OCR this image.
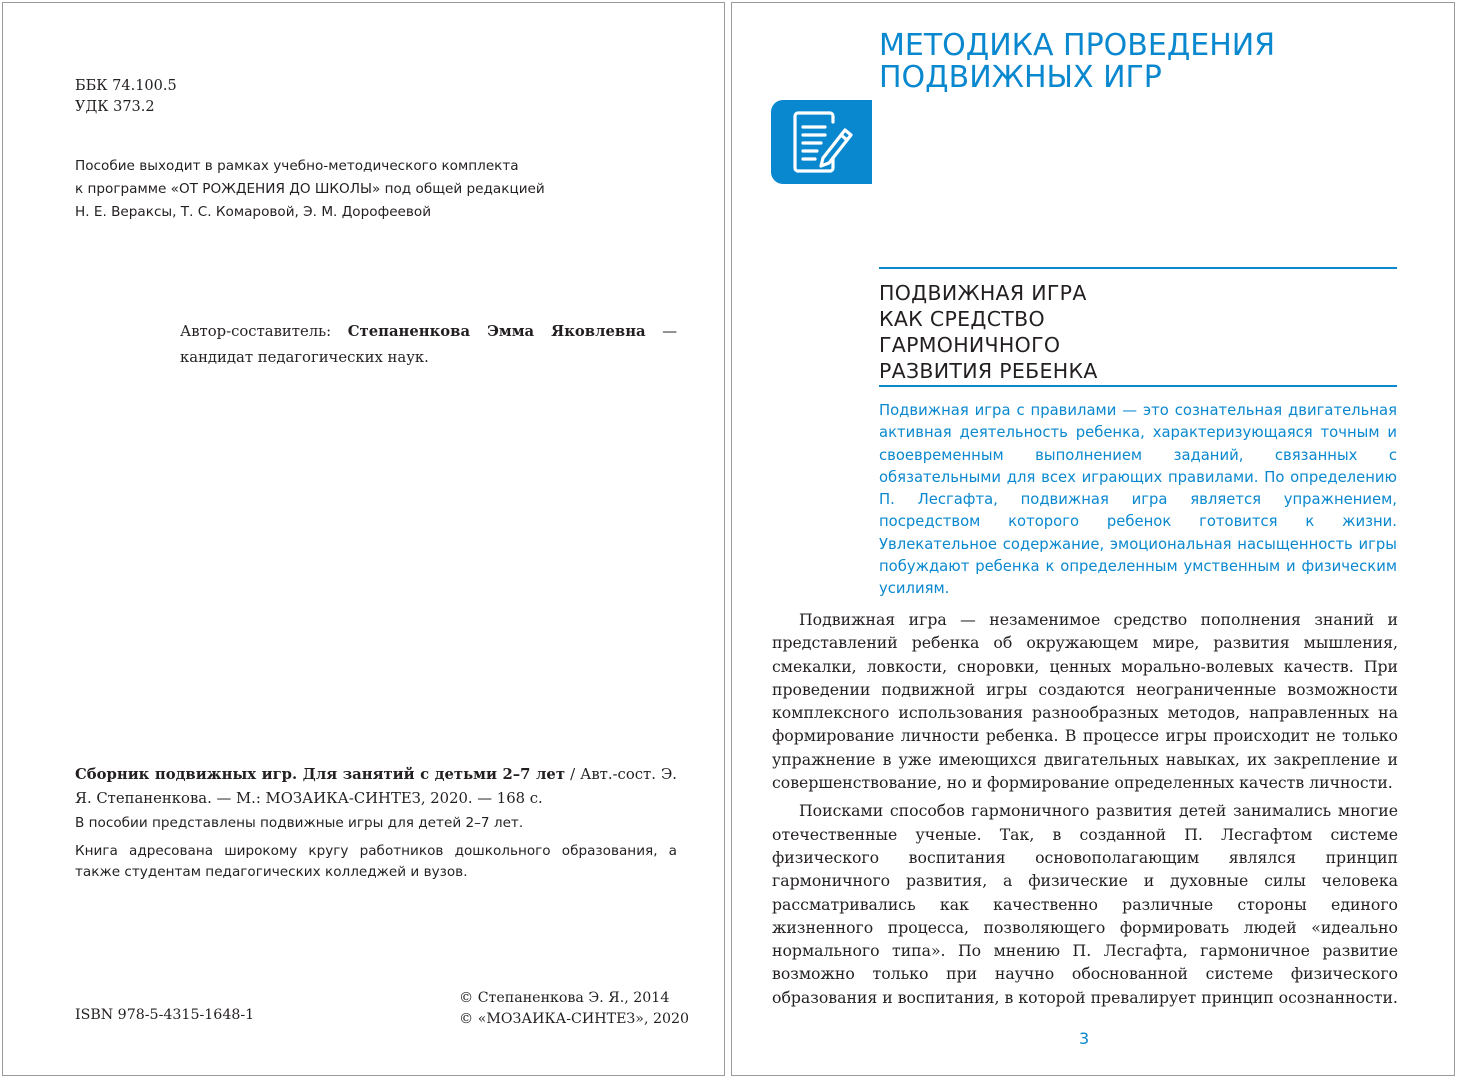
ББК 74.100.5
УДК 373.2
Пособие выходит в рамках учебно-методического комплекта
к программе «ОТ РОЖДЕНИЯ ДО ШКОЛЫ» под общей редакцией
Н. Е. Вераксы, Т. С. Комаровой, Э. М. Дорофеевой
Автор-составитель: Степаненкова Эмма Яковлевна — кандидат педагогических наук.
Сборник подвижных игр. Для занятий с детьми 2–7 лет / Авт.-сост. Э. Я. Степаненкова. — М.: МОЗАИКА-СИНТЕЗ, 2020. — 168 с.
В пособии представлены подвижные игры для детей 2–7 лет.
Книга адресована широкому кругу работников дошкольного образования, а также студентам педагогических колледжей и вузов.
ISBN 978-5-4315-1648-1
© Степаненкова Э. Я., 2014
© «МОЗАИКА-СИНТЕЗ», 2020
МЕТОДИКА ПРОВЕДЕНИЯ
ПОДВИЖНЫХ ИГР
ПОДВИЖНАЯ ИГРА
КАК СРЕДСТВО
ГАРМОНИЧНОГО
РАЗВИТИЯ РЕБЕНКА
Подвижная игра с правилами — это сознательная двигательная активная деятельность ребенка, характеризующаяся точным и своевременным выполнением заданий, связанных с обязательными для всех играющих правилами. По определению П. Лесгафта, подвижная игра является упражнением, посредством которого ребенок готовится к жизни. Увлекательное содержание, эмоциональная насыщенность игры побуждают ребенка к определенным умственным и физическим усилиям.

Подвижная игра — незаменимое средство пополнения знаний и представлений ребенка об окружающем мире, развития мышления, смекалки, ловкости, сноровки, ценных морально-волевых качеств. При проведении подвижной игры создаются неограниченные возможности комплексного использования разнообразных методов, направленных на формирование личности ребенка. В процессе игры происходит не только упражнение в уже имеющихся двигательных навыках, их закрепление и совершенствование, но и формирование определенных качеств личности.

Поисками способов гармоничного развития детей занимались многие отечественные ученые. Так, в созданной П. Лесгафтом системе физического воспитания основополагающим являлся принцип гармоничного развития, а физические и духовные силы человека рассматривались как качественно различные стороны единого жизненного процесса, позволяющего формировать людей «идеально нормального типа». По мнению П. Лесгафта, гармоничное развитие возможно только при научно обоснованной системе физического образования и воспитания, в которой превалирует принцип осознанности.

3
